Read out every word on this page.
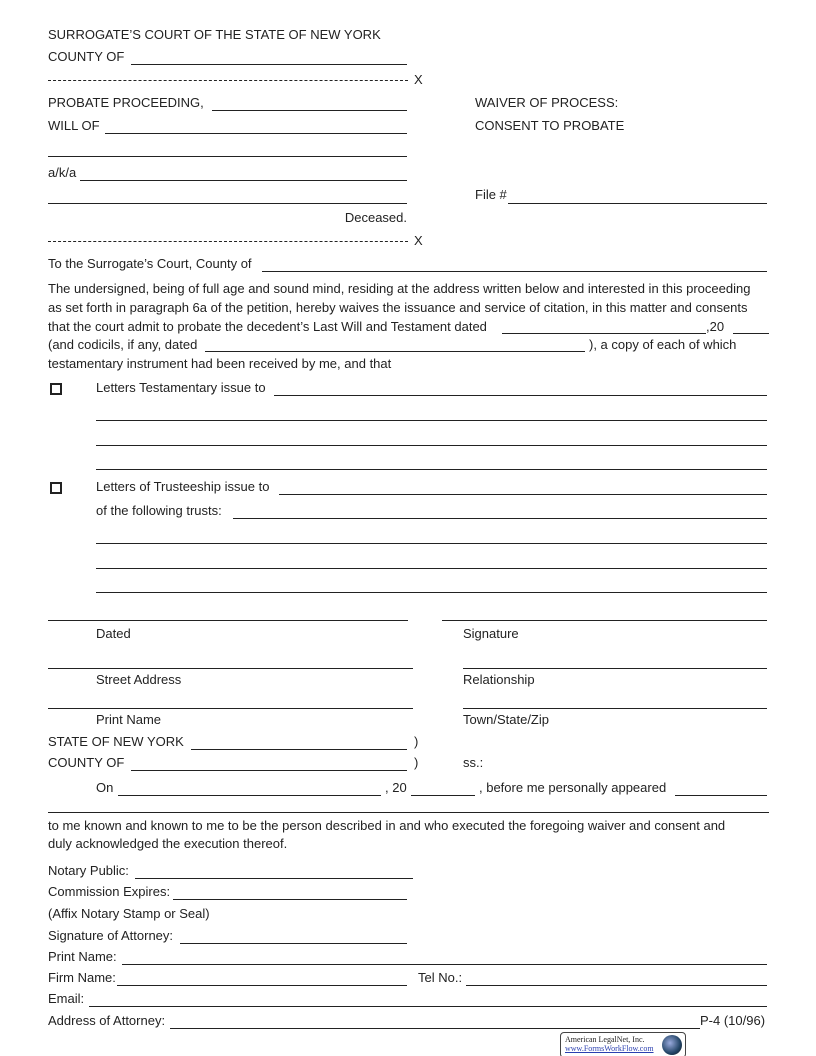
SURROGATE’S COURT OF THE STATE OF NEW YORK
COUNTY OF
X
PROBATE PROCEEDING,	WAIVER OF PROCESS:
WILL OF	CONSENT TO PROBATE
a/k/a
File #
Deceased.
X
To the Surrogate’s Court, County of
The undersigned, being of full age and sound mind, residing at the address written below and interested in this proceeding
as set forth in paragraph 6a of the petition, hereby waives the issuance and service of citation, in this matter and consents
that the court admit to probate the decedent’s Last Will and Testament dated	,20
(and codicils, if any, dated	), a copy of each of which
testamentary instrument had been received by me, and that
Letters Testamentary issue to
Letters of Trusteeship issue to
of the following trusts:
Dated	Signature
Street Address	Relationship
Print Name	Town/State/Zip
STATE OF NEW YORK	)
COUNTY OF	)	ss.:
On	, 20	, before me personally appeared
to me known and known to me to be the person described in and who executed the foregoing waiver and consent and
duly acknowledged the execution thereof.
Notary Public:
Commission Expires:
(Affix Notary Stamp or Seal)
Signature of Attorney:
Print Name:
Firm Name:	Tel No.:
Email:
Address of Attorney:	P-4 (10/96)
American LegalNet, Inc.
www.FormsWorkFlow.com
